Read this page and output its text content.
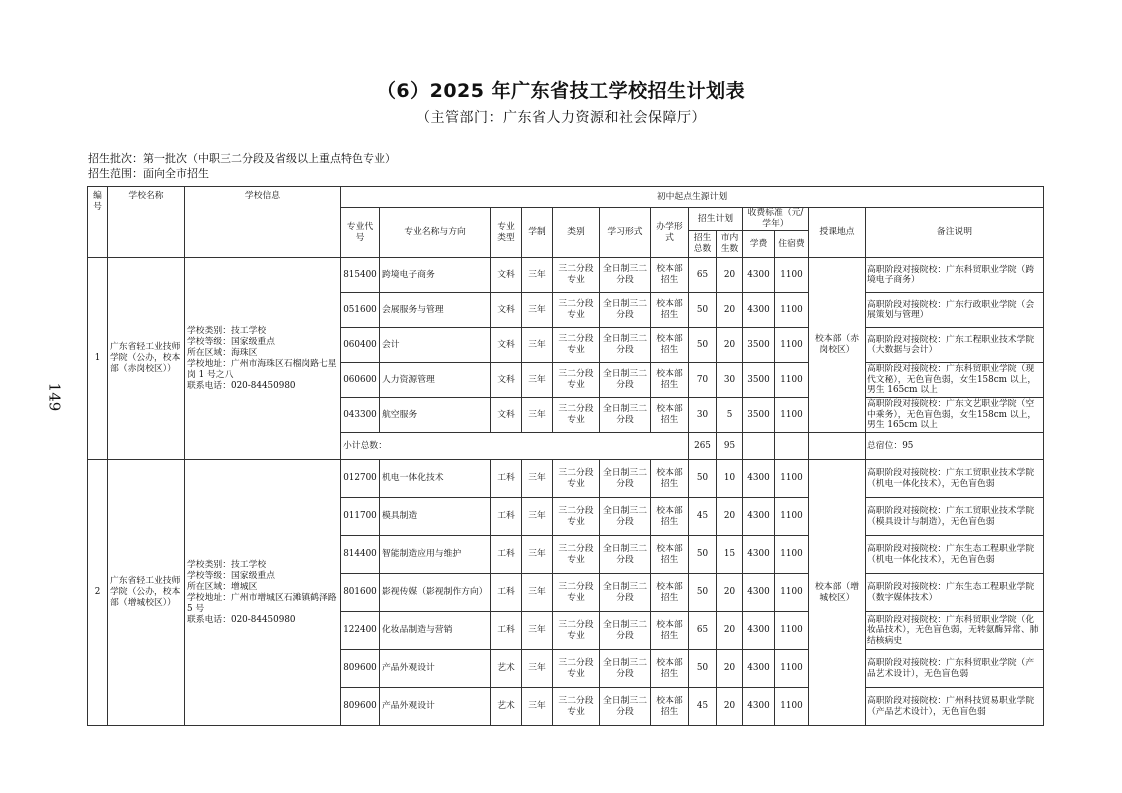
（6）2025 年广东省技工学校招生计划表
（主管部门：广东省人力资源和社会保障厅）
招生批次：第一批次（中职三二分段及省级以上重点特色专业）
招生范围：面向全市招生
149
编号	学校名称	学校信息	初中起点生源计划												
			专业代号	专业名称与方向	专业类型	学制	类别	学习形式	办学形式	招生计划		收费标准（元/学年）		授课地点	备注说明
										招生总数	市内生数	学费	住宿费		
1	广东省轻工业技师学院（公办，校本部（赤岗校区））	学校类别：技工学校
学校等级：国家级重点
所在区域：海珠区
学校地址：广州市海珠区石榴岗路七星岗 1 号之八
联系电话：020-84450980	815400	跨境电子商务	文科	三年	三二分段专业	全日制三二分段	校本部招生	65	20	4300	1100	校本部（赤岗校区）	高职阶段对接院校：广东科贸职业学院（跨境电子商务）
			051600	会展服务与管理	文科	三年	三二分段专业	全日制三二分段	校本部招生	50	20	4300	1100		高职阶段对接院校：广东行政职业学院（会展策划与管理）
			060400	会计	文科	三年	三二分段专业	全日制三二分段	校本部招生	50	20	3500	1100		高职阶段对接院校：广东工程职业技术学院（大数据与会计）
			060600	人力资源管理	文科	三年	三二分段专业	全日制三二分段	校本部招生	70	30	3500	1100		高职阶段对接院校：广东科贸职业学院（现代文秘），无色盲色弱，女生158cm 以上，男生 165cm 以上
			043300	航空服务	文科	三年	三二分段专业	全日制三二分段	校本部招生	30	5	3500	1100		高职阶段对接院校：广东文艺职业学院（空中乘务），无色盲色弱，女生158cm 以上，男生 165cm 以上
			小计总数：							265	95				总宿位：95
2	广东省轻工业技师学院（公办，校本部（增城校区））	学校类别：技工学校
学校等级：国家级重点
所在区域：增城区
学校地址：广州市增城区石滩镇鹤泽路 5 号
联系电话：020-84450980	012700	机电一体化技术	工科	三年	三二分段专业	全日制三二分段	校本部招生	50	10	4300	1100	校本部（增城校区）	高职阶段对接院校：广东工贸职业技术学院（机电一体化技术），无色盲色弱
			011700	模具制造	工科	三年	三二分段专业	全日制三二分段	校本部招生	45	20	4300	1100		高职阶段对接院校：广东工贸职业技术学院（模具设计与制造），无色盲色弱
			814400	智能制造应用与维护	工科	三年	三二分段专业	全日制三二分段	校本部招生	50	15	4300	1100		高职阶段对接院校：广东生态工程职业学院（机电一体化技术），无色盲色弱
			801600	影视传媒（影视制作方向）	工科	三年	三二分段专业	全日制三二分段	校本部招生	50	20	4300	1100		高职阶段对接院校：广东生态工程职业学院（数字媒体技术）
			122400	化妆品制造与营销	工科	三年	三二分段专业	全日制三二分段	校本部招生	65	20	4300	1100		高职阶段对接院校：广东科贸职业学院（化妆品技术），无色盲色弱，无转氨酶异常、肺结核病史
			809600	产品外观设计	艺术	三年	三二分段专业	全日制三二分段	校本部招生	50	20	4300	1100		高职阶段对接院校：广东科贸职业学院（产品艺术设计），无色盲色弱
			809600	产品外观设计	艺术	三年	三二分段专业	全日制三二分段	校本部招生	45	20	4300	1100		高职阶段对接院校：广州科技贸易职业学院（产品艺术设计），无色盲色弱
